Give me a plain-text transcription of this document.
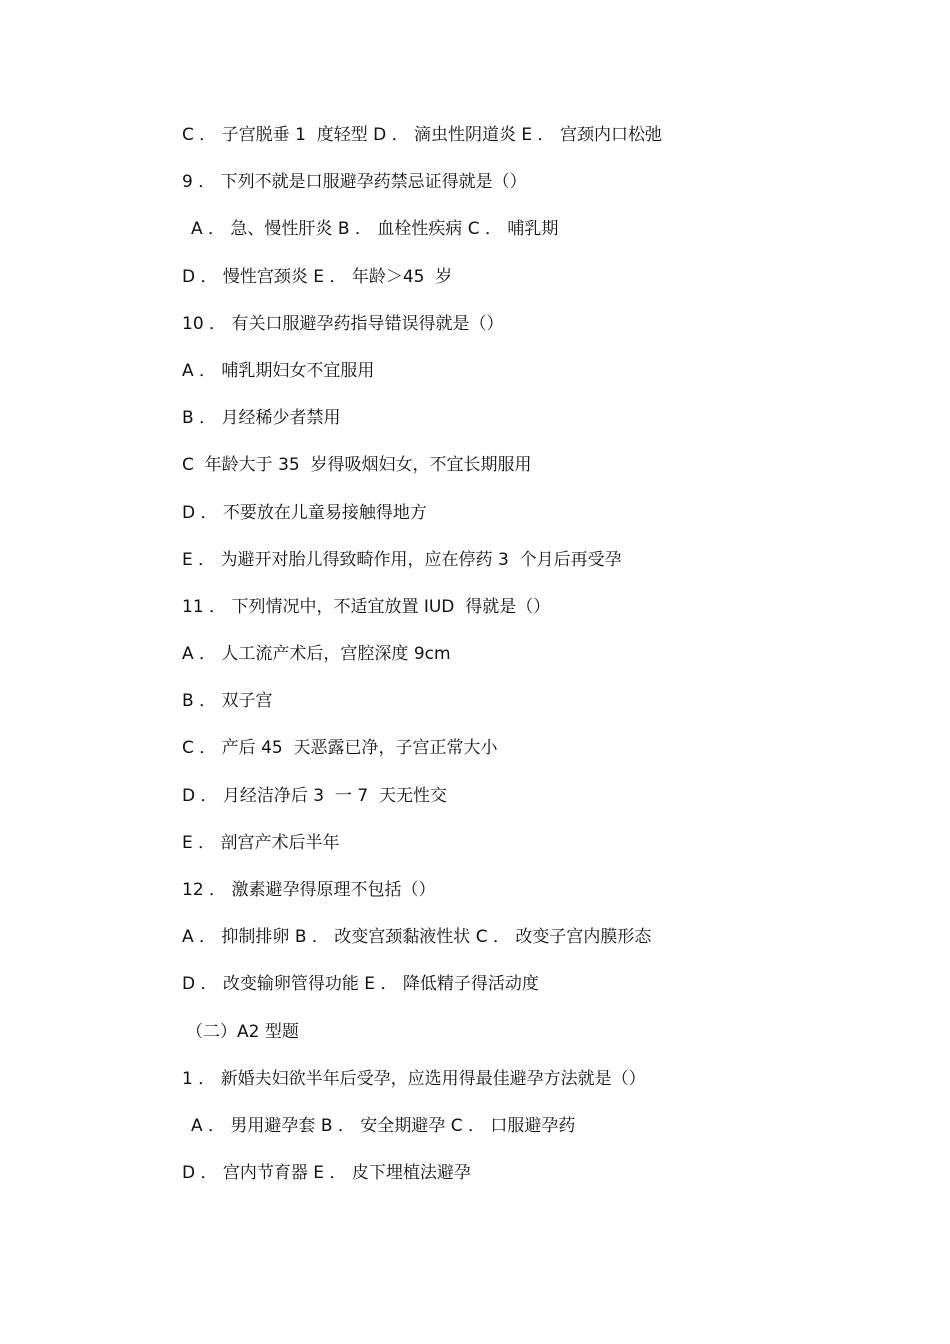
C ． 子宫脱垂 1  度轻型 D ． 滴虫性阴道炎 E ． 宫颈内口松弛
9 ． 下列不就是口服避孕药禁忌证得就是（）
A ． 急、慢性肝炎 B ． 血栓性疾病 C ． 哺乳期
D ． 慢性宫颈炎 E ． 年龄＞45  岁
10 ． 有关口服避孕药指导错误得就是（）
A ． 哺乳期妇女不宜服用
B ． 月经稀少者禁用
C  年龄大于 35  岁得吸烟妇女，不宜长期服用
D ． 不要放在儿童易接触得地方
E ． 为避开对胎儿得致畸作用，应在停药 3  个月后再受孕
11 ． 下列情况中，不适宜放置 IUD  得就是（）
A ． 人工流产术后，宫腔深度 9cm
B ． 双子宫
C ． 产后 45  天恶露已净，子宫正常大小
D ． 月经洁净后 3  一 7  天无性交
E ． 剖宫产术后半年
12 ． 激素避孕得原理不包括（）
A ． 抑制排卵 B ． 改变宫颈黏液性状 C ． 改变子宫内膜形态
D ． 改变输卵管得功能 E ． 降低精子得活动度
（二）A2 型题
1 ． 新婚夫妇欲半年后受孕，应选用得最佳避孕方法就是（）
A ． 男用避孕套 B ． 安全期避孕 C ． 口服避孕药
D ． 宫内节育器 E ． 皮下埋植法避孕
